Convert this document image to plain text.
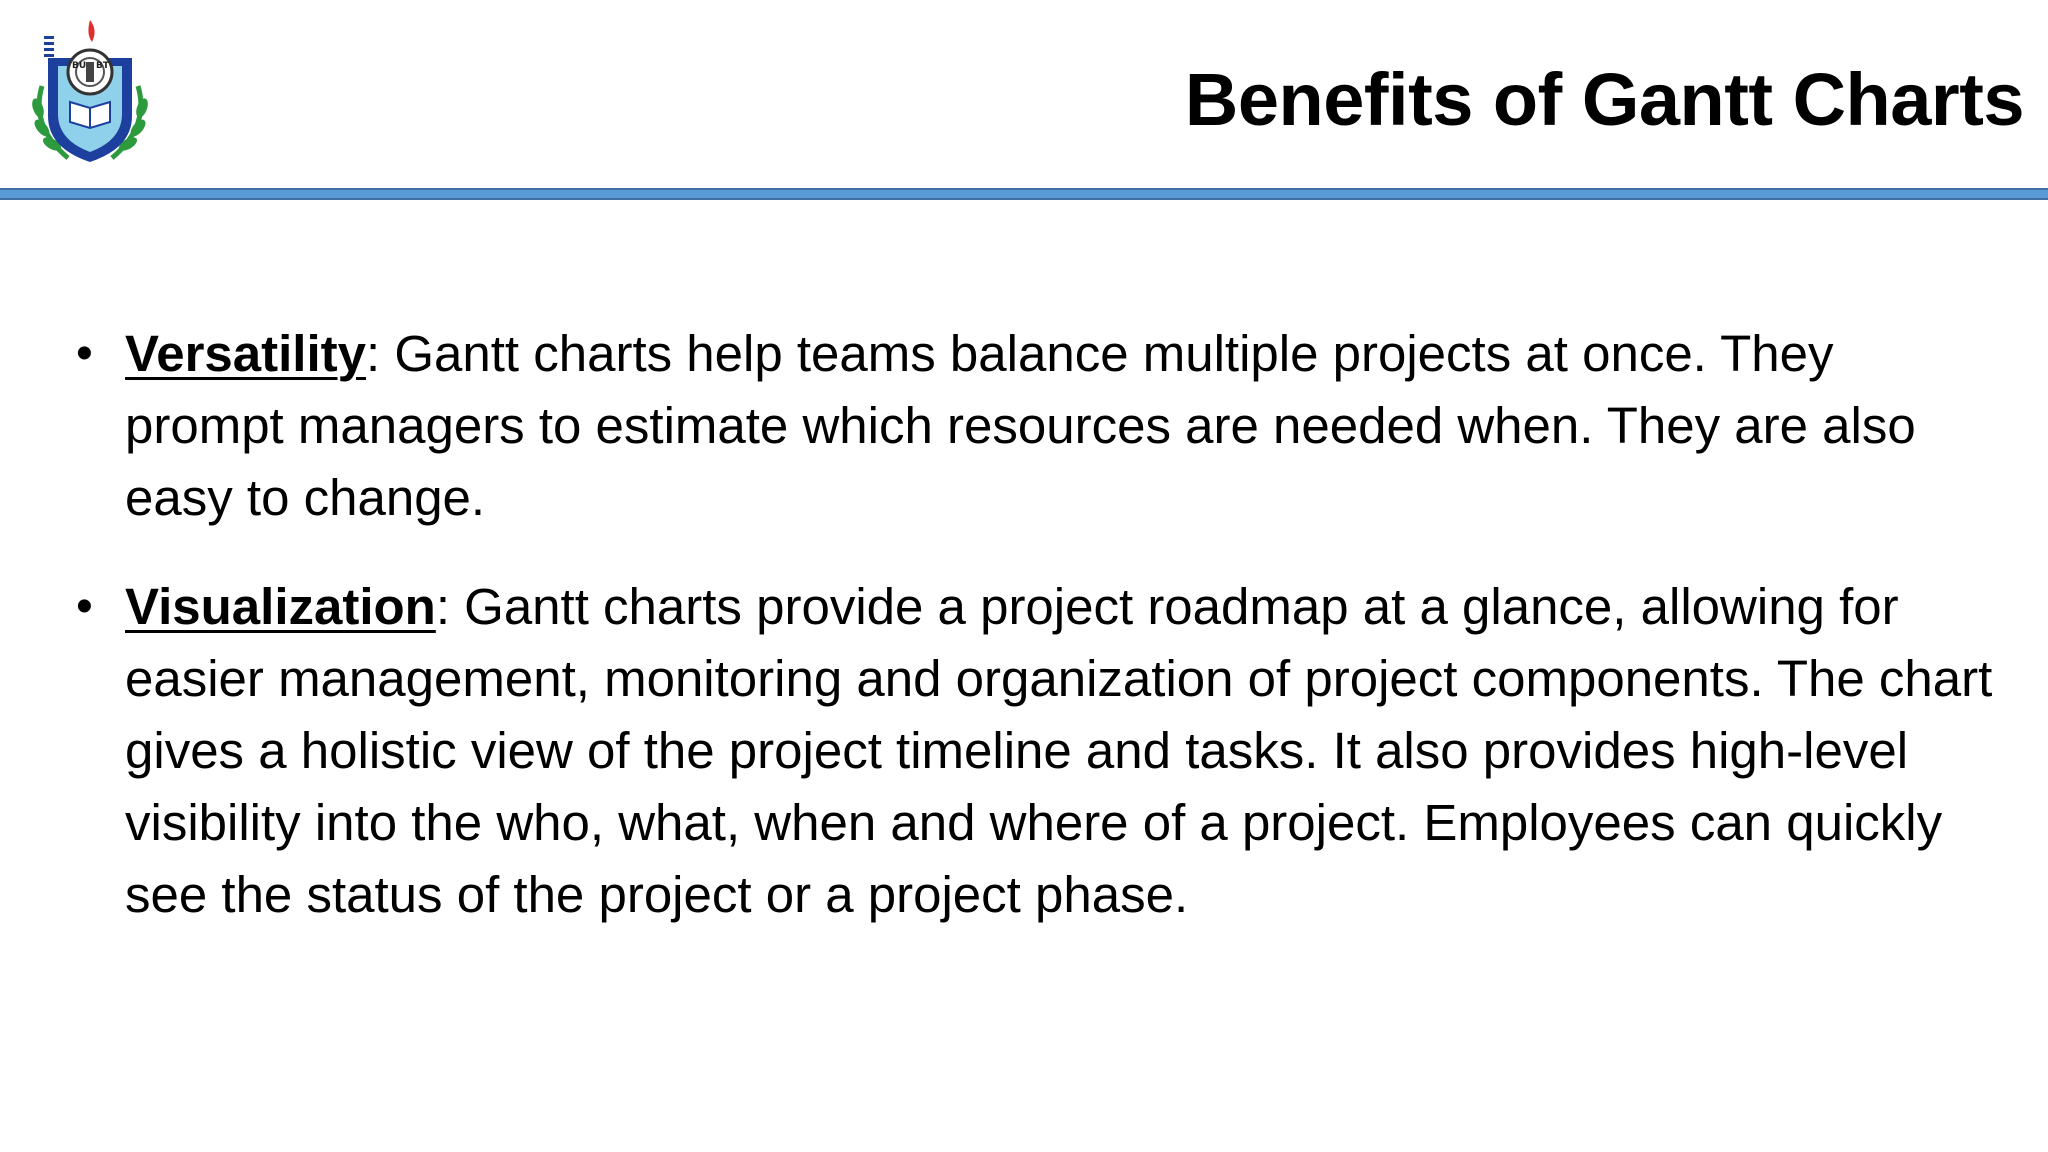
BU BT	Benefits of Gantt Charts
• Versatility: Gantt charts help teams balance multiple projects at once. They prompt managers to estimate which resources are needed when. They are also easy to change.
• Visualization: Gantt charts provide a project roadmap at a glance, allowing for easier management, monitoring and organization of project components. The chart gives a holistic view of the project timeline and tasks. It also provides high-level visibility into the who, what, when and where of a project. Employees can quickly see the status of the project or a project phase.
